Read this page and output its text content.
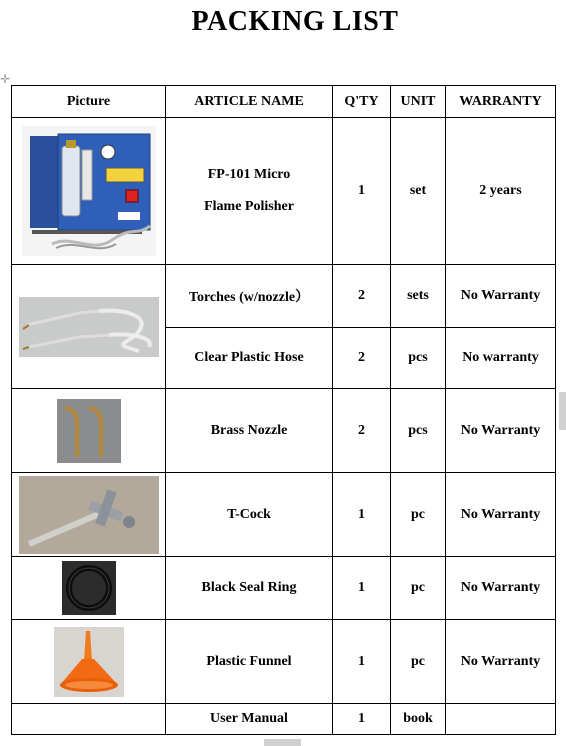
PACKING LIST
✛
Picture	ARTICLE NAME	Q'TY	UNIT	WARRANTY

FP-101 Micro
Flame Polisher	1	set	2 years

	Torches (w/nozzle）	2	sets	No Warranty
	Clear Plastic Hose	2	pcs	No warranty

	Brass Nozzle	2	pcs	No Warranty

	T-Cock	1	pc	No Warranty

	Black Seal Ring	1	pc	No Warranty

	Plastic Funnel	1	pc	No Warranty
	User Manual	1	book	
